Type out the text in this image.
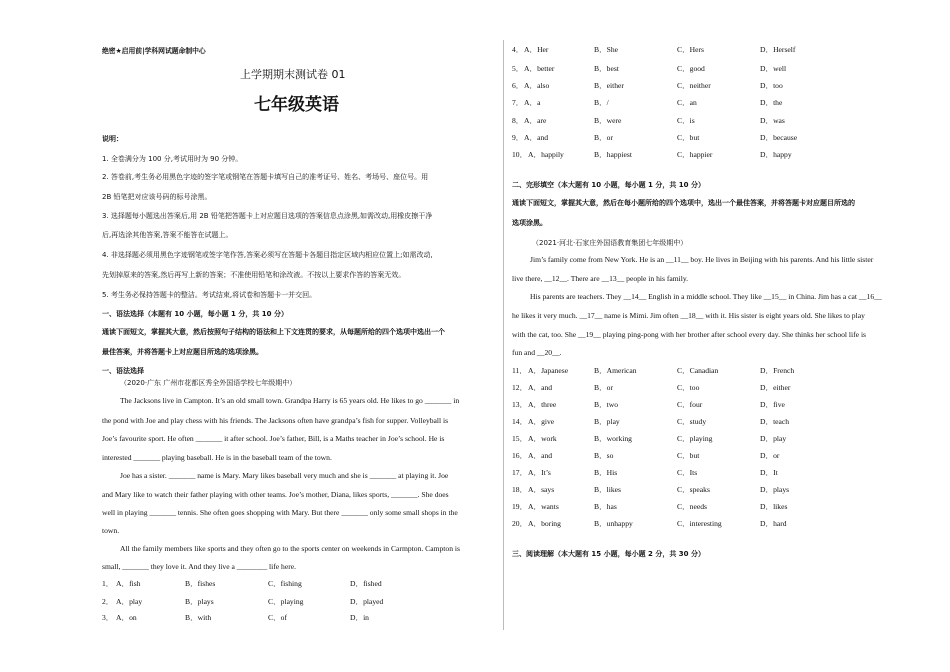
绝密★启用前|学科网试题命制中心
上学期期末测试卷 01
七年级英语
说明：
1. 全卷满分为 100 分,考试用时为 90 分钟。
2. 答卷前,考生务必用黑色字迹的签字笔或钢笔在答题卡填写自己的准考证号、姓名、考场号、座位号。用
2B 铅笔把对应该号码的标号涂黑。
3. 选择题每小题选出答案后,用 2B 铅笔把答题卡上对应题目选项的答案信息点涂黑,如需改动,用橡皮擦干净
后,再选涂其他答案,答案不能答在试题上。
4. 非选择题必须用黑色字迹钢笔或签字笔作答,答案必须写在答题卡各题目指定区域内相应位置上;如需改动,
先划掉原来的答案,然后再写上新的答案；不准使用铅笔和涂改液。不按以上要求作答的答案无效。
5. 考生务必保持答题卡的整洁。考试结束,将试卷和答题卡一并交回。
一、语法选择（本题有 10 小题，每小题 1 分，共 10 分）
通读下面短文，掌握其大意，然后按照句子结构的语法和上下文连贯的要求，从每题所给的四个选项中选出一个
最佳答案，并将答题卡上对应题目所选的选项涂黑。
一、语法选择
（2020·广东 广州市花都区秀全外国语学校七年级期中）
The Jacksons live in Campton. It’s an old small town. Grandpa Harry is 65 years old. He likes to go _______ in
the pond with Joe and play chess with his friends. The Jacksons often have grandpa’s fish for supper. Volleyball is
Joe’s favourite sport. He often _______ it after school. Joe’s father, Bill, is a Maths teacher in Joe’s school. He is
interested _______ playing baseball. He is in the baseball team of the town.
Joe has a sister. _______ name is Mary. Mary likes baseball very much and she is _______ at playing it. Joe
and Mary like to watch their father playing with other teams. Joe’s mother, Diana, likes sports, _______. She does
well in playing _______ tennis. She often goes shopping with Mary. But there _______ only some small shops in the
town.
All the family members like sports and they often go to the sports center on weekends in Carmpton. Campton is
small, _______ they love it. And they live a ________ life here.
1． A．fish	B．fishes	C．fishing	D．fished
2． A．play	B．plays	C．playing	D．played
3． A．on	B．with	C．of	D．in
4． A．Her	B．She	C．Hers	D．Herself
5． A．better	B．best	C．good	D．well
6． A．also	B．either	C．neither	D．too
7． A．a	B．/	C．an	D．the
8． A．are	B．were	C．is	D．was
9． A．and	B．or	C．but	D．because
10． A．happily	B．happiest	C．happier	D．happy
二、完形填空（本大题有 10 小题，每小题 1 分，共 10 分）
通读下面短文，掌握其大意，然后在每小题所给的四个选项中，选出一个最佳答案，并将答题卡对应题目所选的
选项涂黑。
（2021·河北·石家庄外国语教育集团七年级期中）
Jim’s family come from New York. He is an __11__ boy. He lives in Beijing with his parents. And his little sister
live there, __12__. There are __13__ people in his family.
His parents are teachers. They __14__ English in a middle school. They like __15__ in China. Jim has a cat __16__
he likes it very much. __17__ name is Mimi. Jim often __18__ with it. His sister is eight years old. She likes to play
with the cat, too. She __19__ playing ping-pong with her brother after school every day. She thinks her school life is
fun and __20__.
11． A．Japanese	B．American	C．Canadian	D．French
12． A．and	B．or	C．too	D．either
13． A．three	B．two	C．four	D．five
14． A．give	B．play	C．study	D．teach
15． A．work	B．working	C．playing	D．play
16． A．and	B．so	C．but	D．or
17． A．It’s	B．His	C．Its	D．It
18． A．says	B．likes	C．speaks	D．plays
19． A．wants	B．has	C．needs	D．likes
20． A．boring	B．unhappy	C．interesting	D．hard
三、阅读理解（本大题有 15 小题，每小题 2 分，共 30 分）
